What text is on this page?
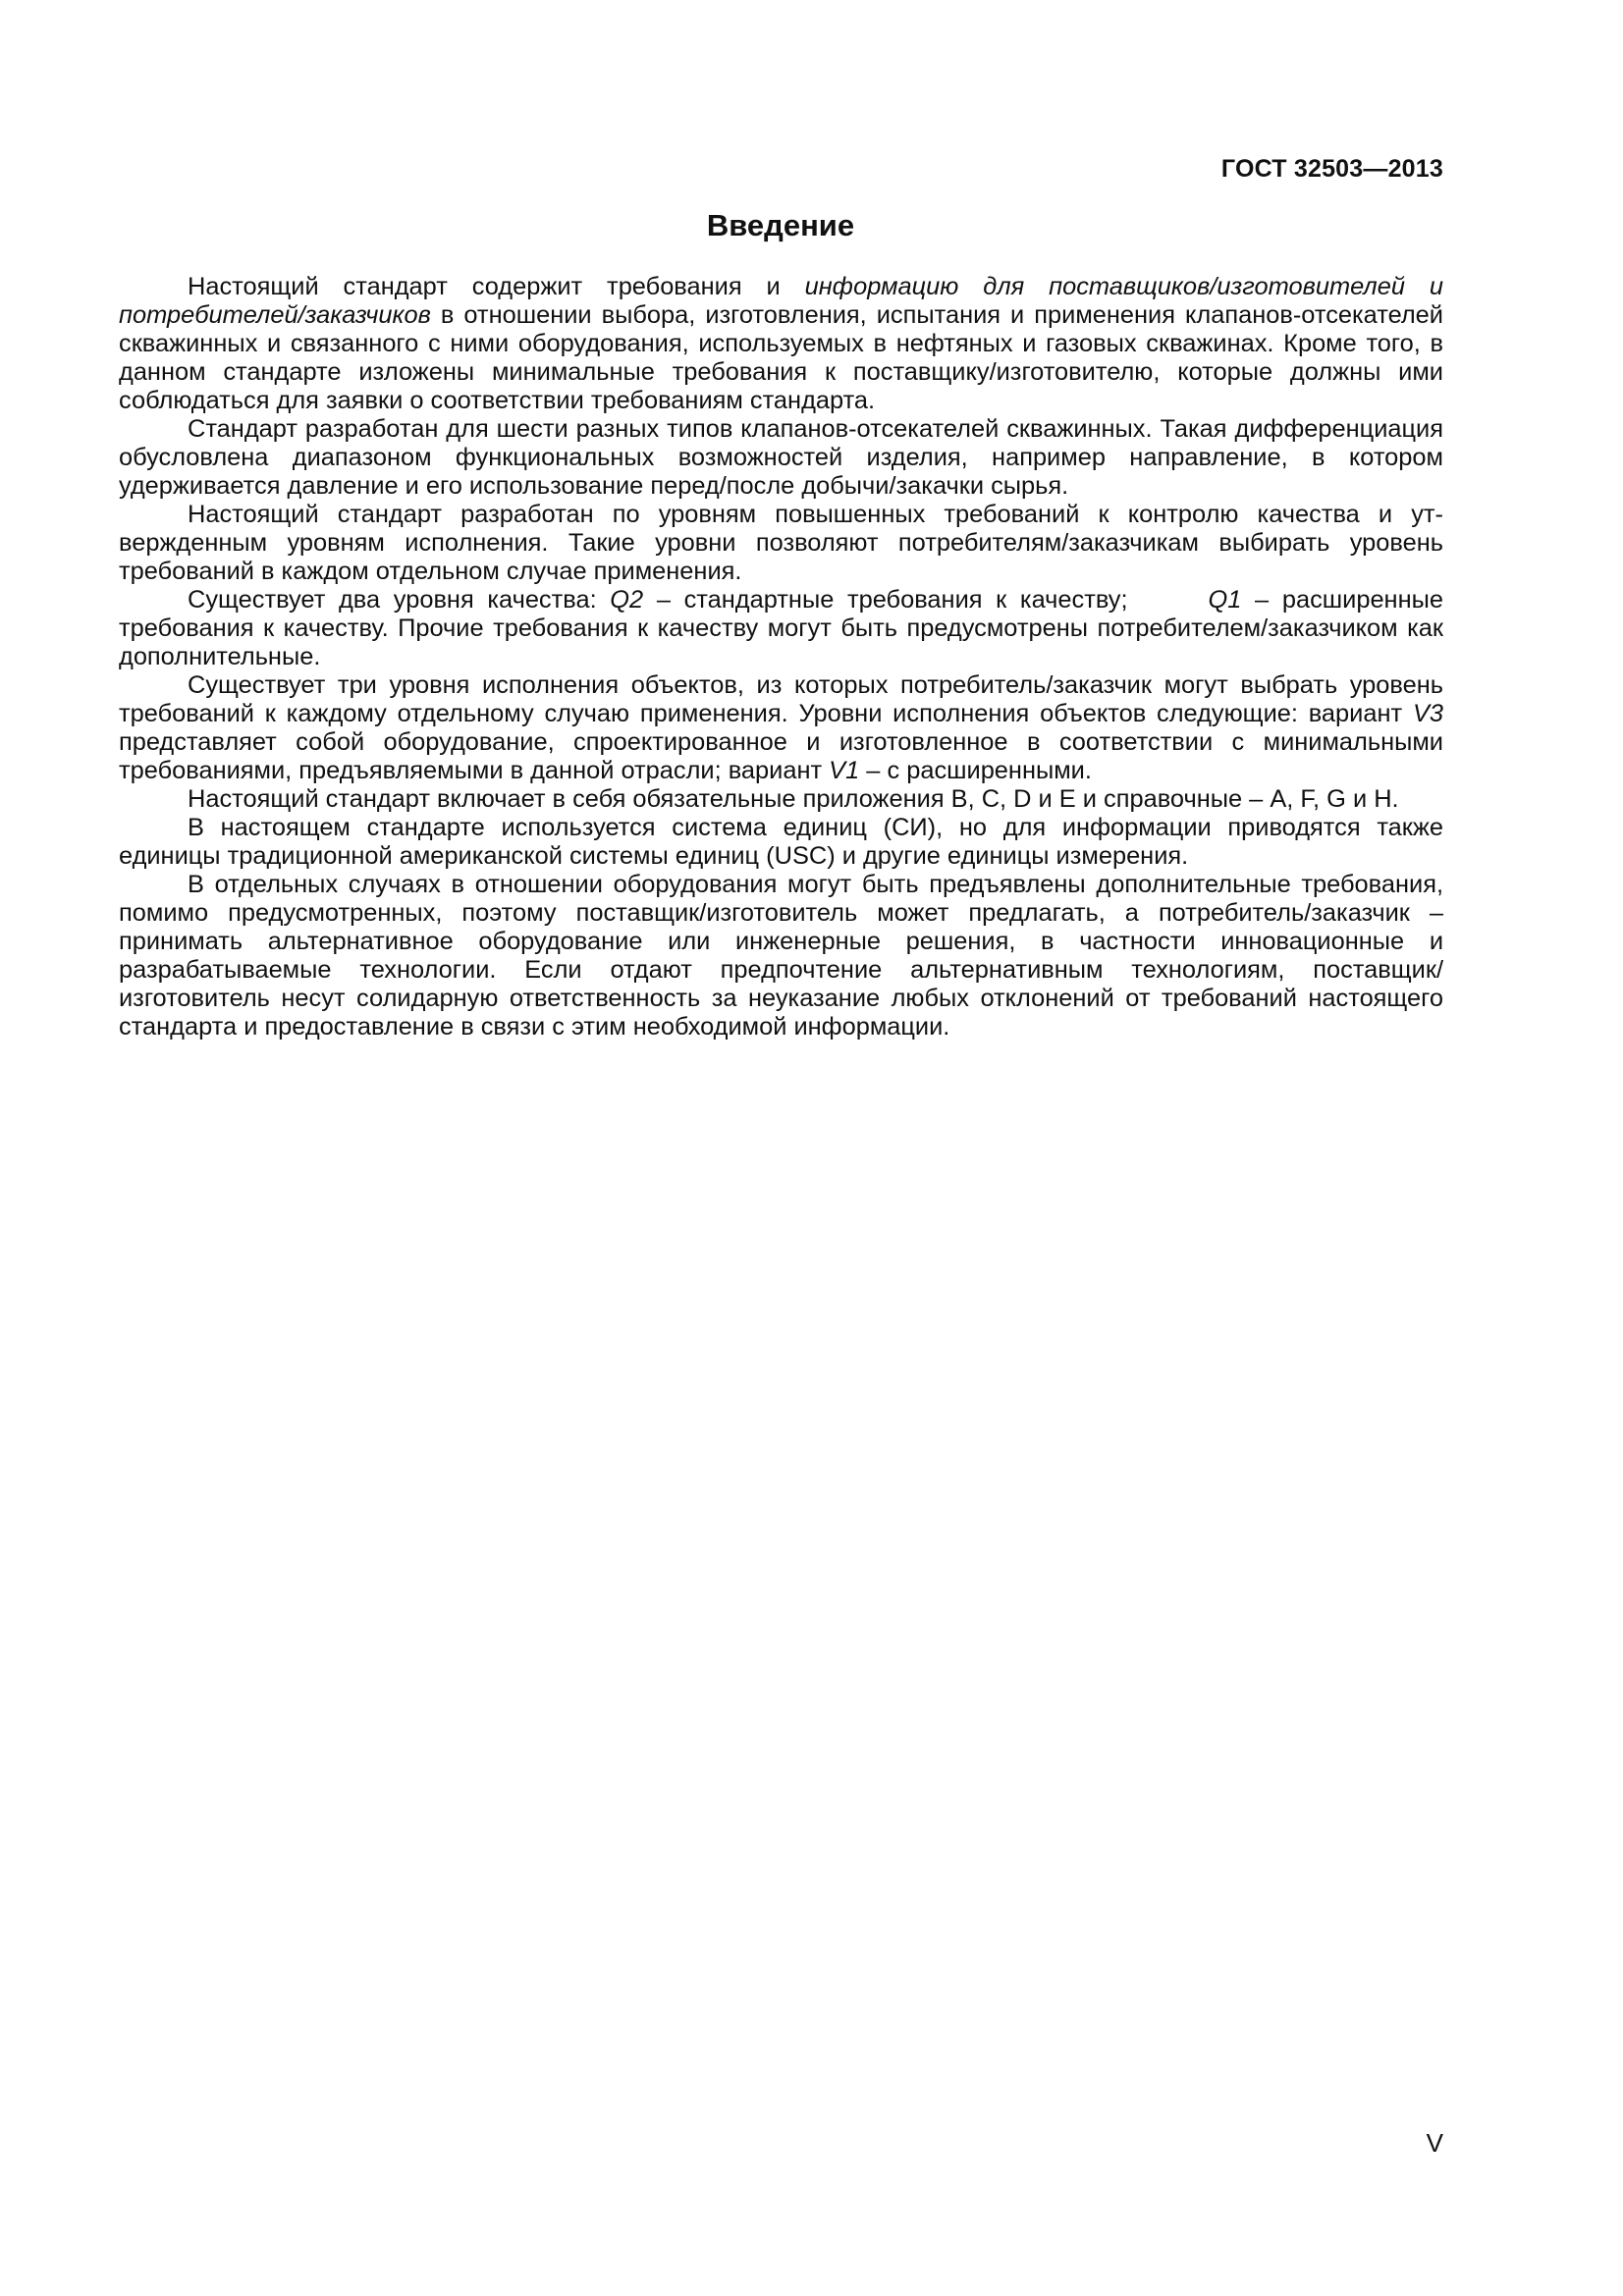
ГОСТ 32503—2013
Введение

Настоящий стандарт содержит требования и информацию для поставщиков/изготовителей и потребителей/заказчиков в отношении выбора, изготовления, испытания и применения клапанов-отсекателей скважинных и связанного с ними оборудования, используемых в нефтяных и газовых скважинах. Кроме того, в данном стандарте изложены минимальные требования к поставщику/изготовителю, которые должны ими соблюдаться для заявки о соответствии требованиям стандарта.

Стандарт разработан для шести разных типов клапанов-отсекателей скважинных. Такая дифференциация обусловлена диапазоном функциональных возможностей изделия, например направление, в котором удерживается давление и его использование перед/после добычи/закачки сырья.

Настоящий стандарт разработан по уровням повышенных требований к контролю качества и утвержденным уровням исполнения. Такие уровни позволяют потребителям/заказчикам выбирать уровень требований в каждом отдельном случае применения.

Существует два уровня качества: Q2 – стандартные требования к качеству;	Q1 – расширенные требования к качеству. Прочие требования к качеству могут быть предусмотрены потребителем/заказчиком как дополнительные.

Существует три уровня исполнения объектов, из которых потребитель/заказчик могут выбрать уровень требований к каждому отдельному случаю применения. Уровни исполнения объектов следующие: вариант V3 представляет собой оборудование, спроектированное и изготовленное в соответствии с минимальными требованиями, предъявляемыми в данной отрасли; вариант V1 – с расширенными.

Настоящий стандарт включает в себя обязательные приложения B, C, D и E и справочные – А, F, G и H.

В настоящем стандарте используется система единиц (СИ), но для информации приводятся также единицы традиционной американской системы единиц (USC) и другие единицы измерения.

В отдельных случаях в отношении оборудования могут быть предъявлены дополнительные требования, помимо предусмотренных, поэтому поставщик/изготовитель может предлагать, а потребитель/заказчик – принимать альтернативное оборудование или инженерные решения, в частности инновационные и разрабатываемые технологии. Если отдают предпочтение альтернативным технологиям, поставщик/изготовитель несут солидарную ответственность за неуказание любых отклонений от требований настоящего стандарта и предоставление в связи с этим необходимой информации.

V
